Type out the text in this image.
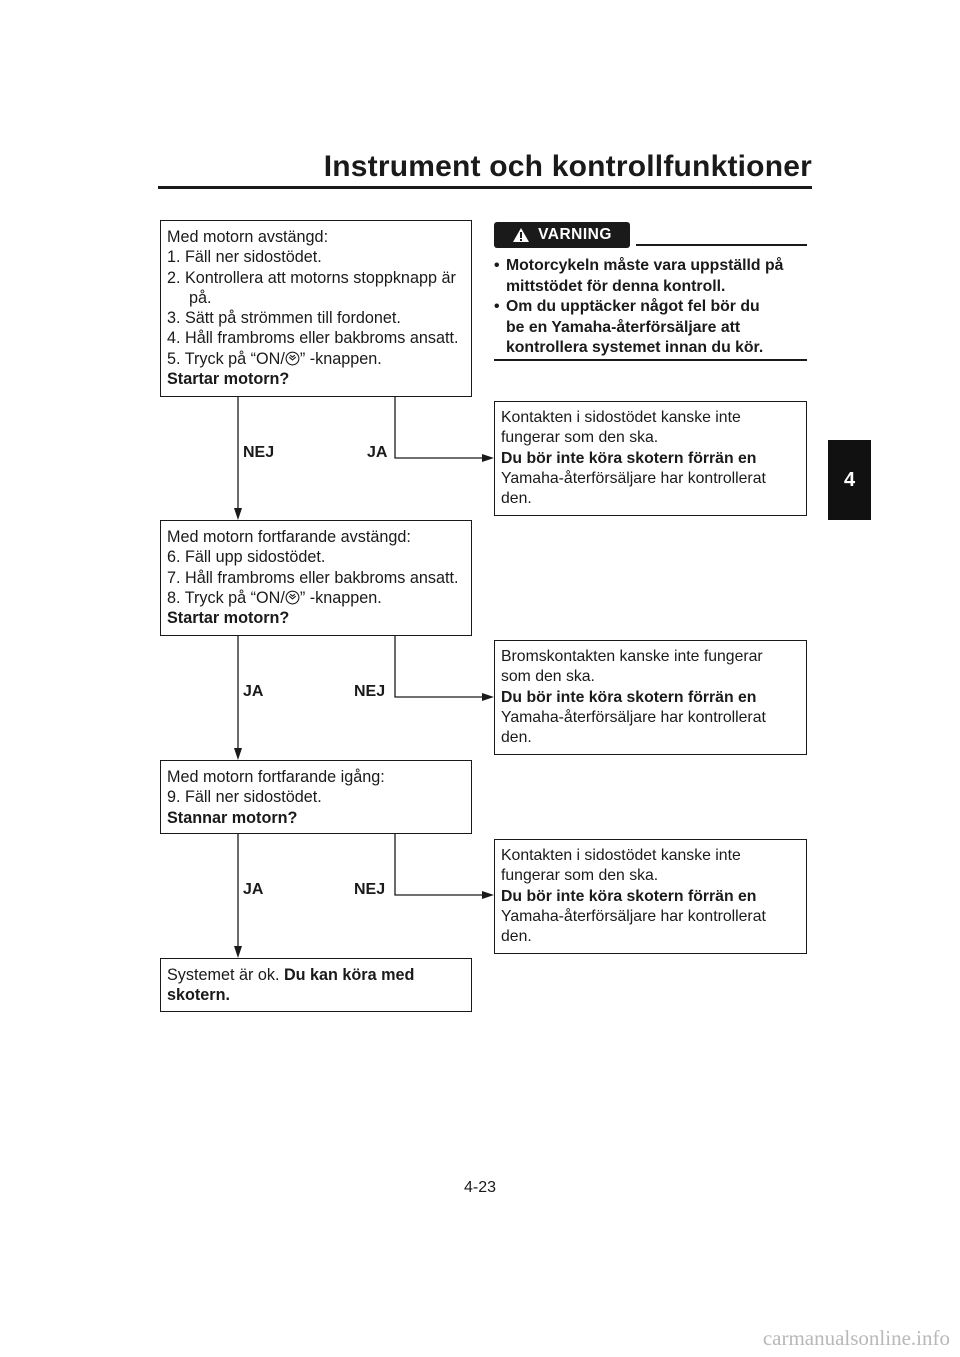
Instrument och kontrollfunktioner
4
Med motorn avstängd:
1. Fäll ner sidostödet.
2. Kontrollera att motorns stoppknapp är
på.
3. Sätt på strömmen till fordonet.
4. Håll frambroms eller bakbroms ansatt.
5. Tryck på “ON/ ” -knappen.
Startar motorn?
VARNING
• Motorcykeln måste vara uppställd på
mittstödet för denna kontroll.
• Om du upptäcker något fel bör du
be en Yamaha-återförsäljare att
kontrollera systemet innan du kör.
Kontakten i sidostödet kanske inte
fungerar som den ska.
Du bör inte köra skotern förrän en
Yamaha-återförsäljare har kontrollerat
den.
NEJ	JA
Med motorn fortfarande avstängd:
6. Fäll upp sidostödet.
7. Håll frambroms eller bakbroms ansatt.
8. Tryck på “ON/ ” -knappen.
Startar motorn?
Bromskontakten kanske inte fungerar
som den ska.
Du bör inte köra skotern förrän en
Yamaha-återförsäljare har kontrollerat
den.
JA	NEJ
Med motorn fortfarande igång:
9. Fäll ner sidostödet.
Stannar motorn?
Kontakten i sidostödet kanske inte
fungerar som den ska.
Du bör inte köra skotern förrän en
Yamaha-återförsäljare har kontrollerat
den.
JA	NEJ
Systemet är ok. Du kan köra med
skotern.
4-23
carmanualsonline.info
